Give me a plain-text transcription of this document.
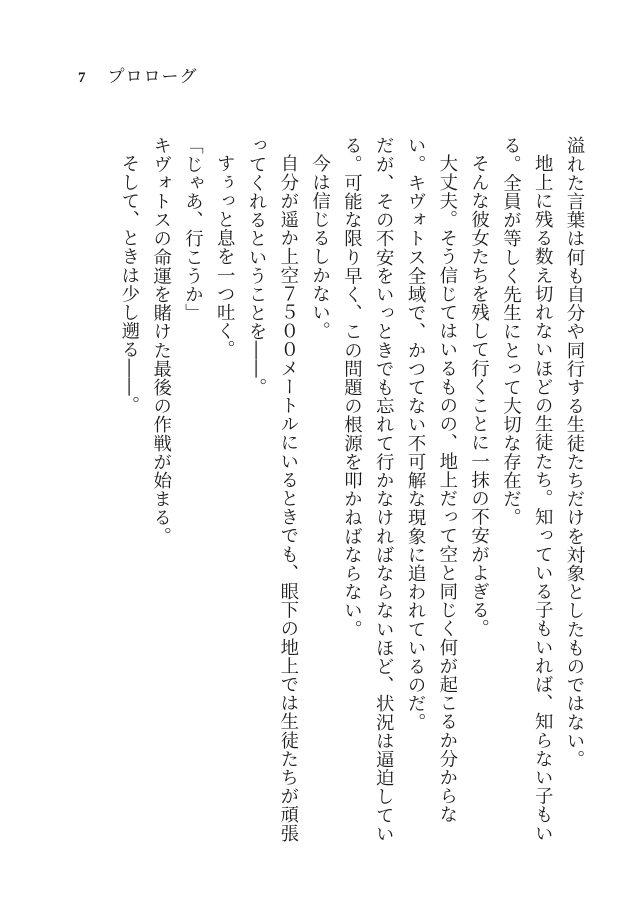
7 プロローグ

溢れた言葉は何も自分や同行する生徒たちだけを対象としたものではない。

地上に残る数え切れないほどの生徒たち。知っている子もいれば、知らない子もいる。全員が等しく先生にとって大切な存在だ。

そんな彼女たちを残して行くことに一抹の不安がよぎる。

大丈夫。そう信じてはいるものの、地上だって空と同じく何が起こるか分からない。キヴォトス全域で、かつてない不可解な現象に追われているのだ。

だが、その不安をいっときでも忘れて行かなければならないほど、状況は逼迫している。可能な限り早く、この問題の根源を叩かねばならない。

今は信じるしかない。

自分が遥か上空７５００メートルにいるときでも、眼下の地上では生徒たちが頑張ってくれるということを――。

すぅっと息を一つ吐く。

「じゃあ、行こうか」

キヴォトスの命運を賭けた最後の作戦が始まる。

そして、ときは少し遡る――。
